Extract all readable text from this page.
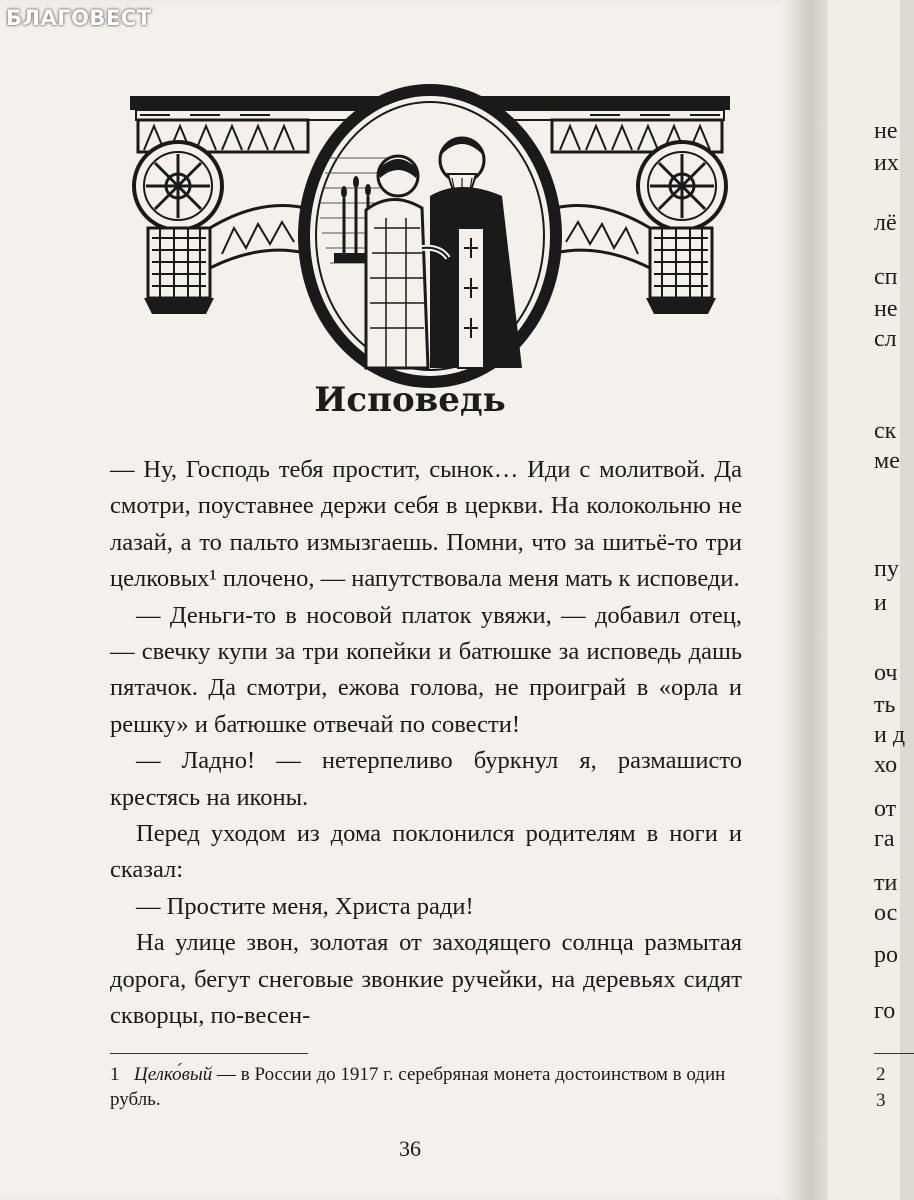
не
их
лё
сп
не
сл
ск
ме
пу
и
оч
ть
и д
хо
от
га
ти
ос
ро
го
2
3
БЛАГОВЕСТ
Исповедь

— Ну, Господь тебя простит, сынок… Иди с молитвой. Да смотри, поуставнее держи себя в церкви. На колокольню не лазай, а то пальто измызгаешь. Помни, что за шитьё-то три целковых¹ плочено, — напутствовала меня мать к исповеди.

— Деньги-то в носовой платок увяжи, — добавил отец, — свечку купи за три копейки и батюшке за исповедь дашь пятачок. Да смотри, ежова голова, не проиграй в «орла и решку» и батюшке отвечай по совести!

— Ладно! — нетерпеливо буркнул я, размашисто крестясь на иконы.

Перед уходом из дома поклонился родителям в ноги и сказал:

— Простите меня, Христа ради!

На улице звон, золотая от заходящего солнца размытая дорога, бегут снеговые звонкие ручейки, на деревьях сидят скворцы, по-весен-

1 Целко́вый — в России до 1917 г. серебряная монета достоинством в один рубль.
36
